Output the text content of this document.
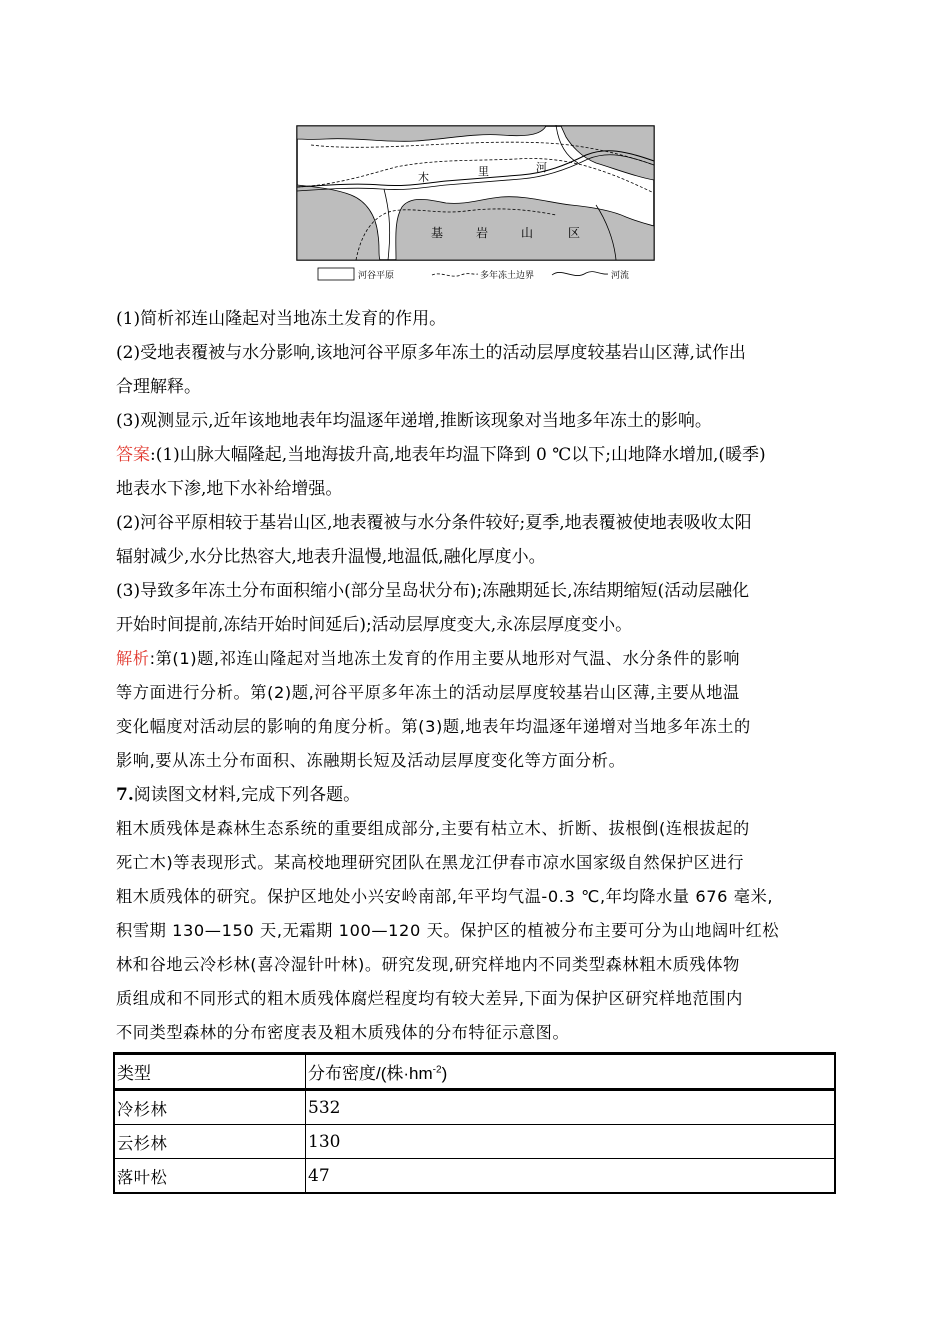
木	里	河
基	岩	山	区
河谷平原	多年冻土边界	河流
(1)简析祁连山隆起对当地冻土发育的作用。
(2)受地表覆被与水分影响,该地河谷平原多年冻土的活动层厚度较基岩山区薄,试作出
合理解释。
(3)观测显示,近年该地地表年均温逐年递增,推断该现象对当地多年冻土的影响。
答案:(1)山脉大幅隆起,当地海拔升高,地表年均温下降到 0 ℃以下;山地降水增加,(暖季)
地表水下渗,地下水补给增强。
(2)河谷平原相较于基岩山区,地表覆被与水分条件较好;夏季,地表覆被使地表吸收太阳
辐射减少,水分比热容大,地表升温慢,地温低,融化厚度小。
(3)导致多年冻土分布面积缩小(部分呈岛状分布);冻融期延长,冻结期缩短(活动层融化
开始时间提前,冻结开始时间延后);活动层厚度变大,永冻层厚度变小。
解析:第(1)题,祁连山隆起对当地冻土发育的作用主要从地形对气温、水分条件的影响
等方面进行分析。第(2)题,河谷平原多年冻土的活动层厚度较基岩山区薄,主要从地温
变化幅度对活动层的影响的角度分析。第(3)题,地表年均温逐年递增对当地多年冻土的
影响,要从冻土分布面积、冻融期长短及活动层厚度变化等方面分析。
7.阅读图文材料,完成下列各题。
粗木质残体是森林生态系统的重要组成部分,主要有枯立木、折断、拔根倒(连根拔起的
死亡木)等表现形式。某高校地理研究团队在黑龙江伊春市凉水国家级自然保护区进行
粗木质残体的研究。保护区地处小兴安岭南部,年平均气温-0.3 ℃,年均降水量 676 毫米,
积雪期 130—150 天,无霜期 100—120 天。保护区的植被分布主要可分为山地阔叶红松
林和谷地云冷杉林(喜冷湿针叶林)。研究发现,研究样地内不同类型森林粗木质残体物
质组成和不同形式的粗木质残体腐烂程度均有较大差异,下面为保护区研究样地范围内
不同类型森林的分布密度表及粗木质残体的分布特征示意图。
类型	分布密度/(株$\cdot hm^{-2}$)
冷杉林	532
云杉林	130
落叶松	47
